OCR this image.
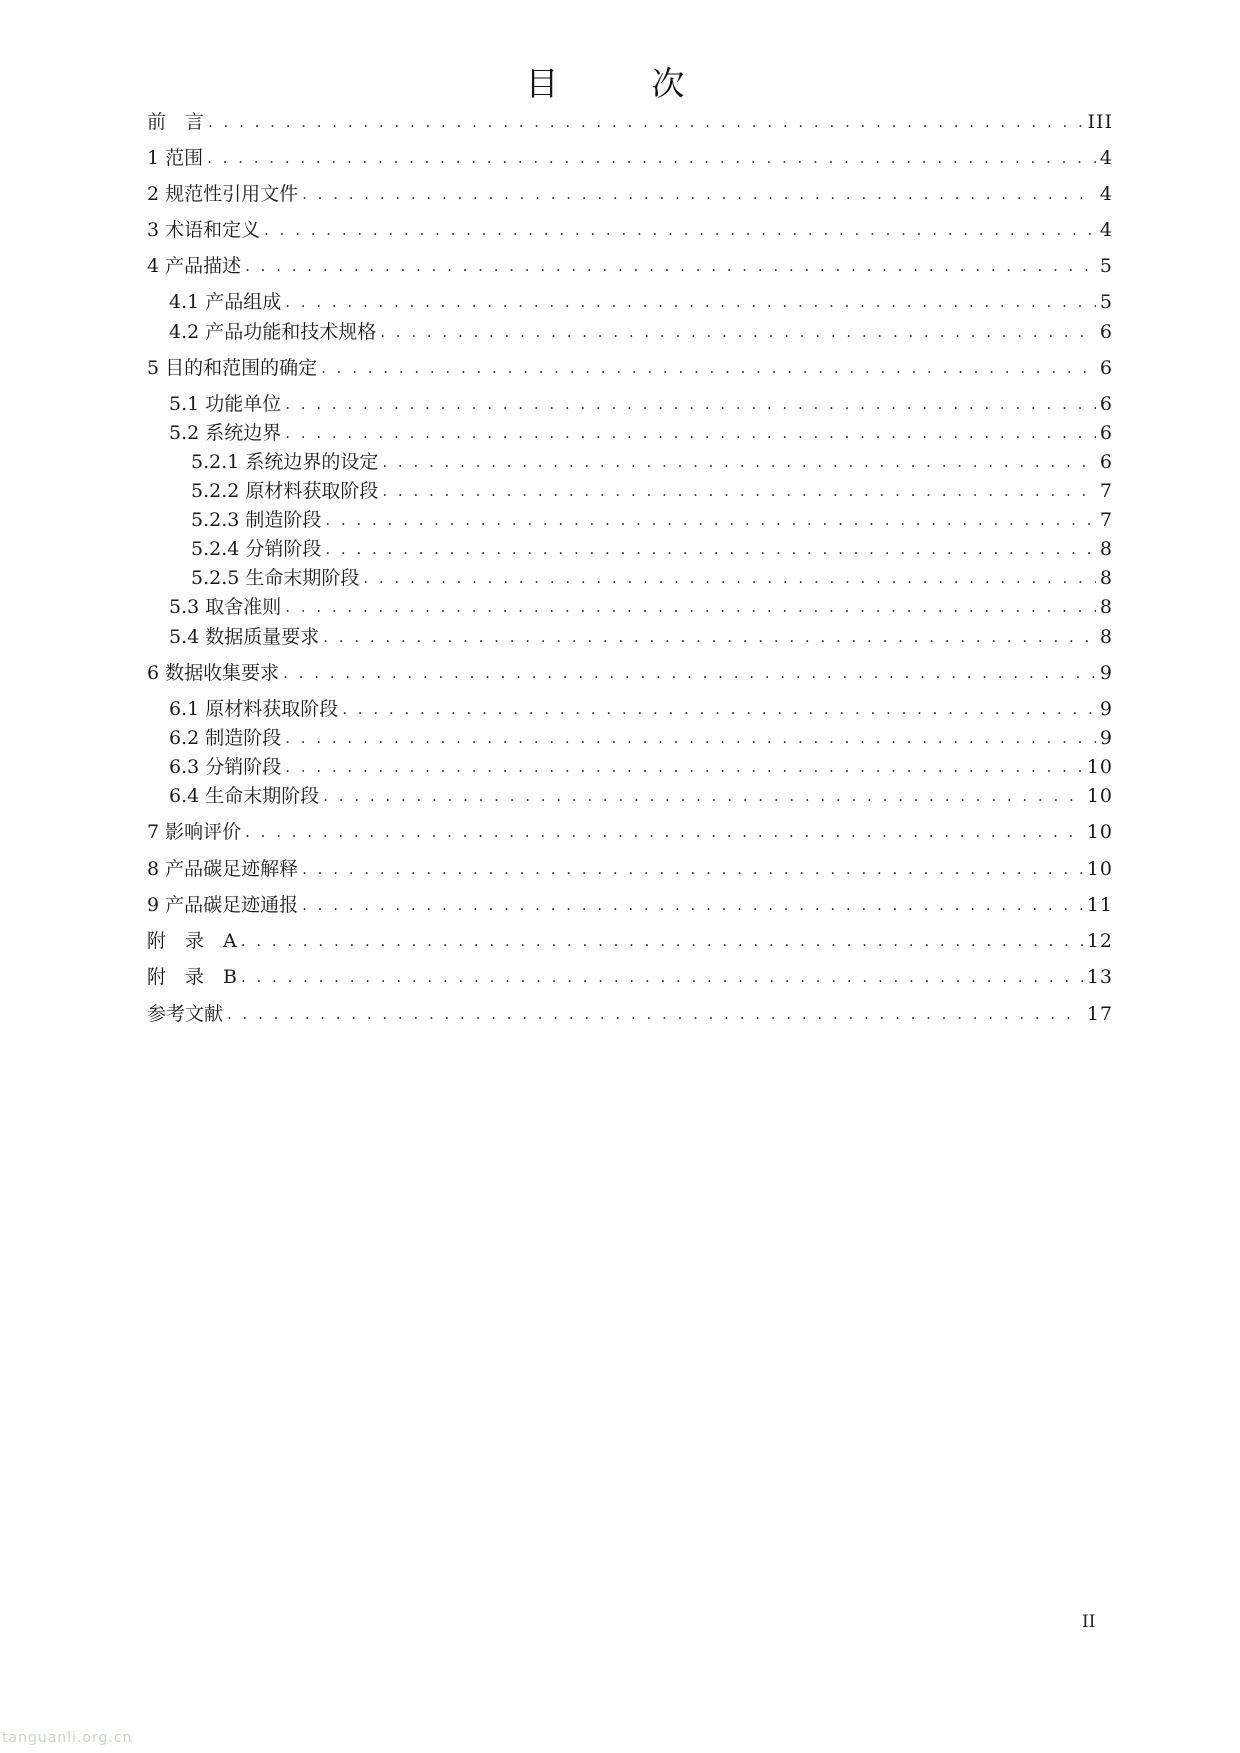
目　次
前　言 . . .	III
1 范围 . . .	4
2 规范性引用文件 . . .	4
3 术语和定义 . . .	4
4 产品描述 . . .	5
4.1 产品组成 . . .	5
4.2 产品功能和技术规格 . . .	6
5 目的和范围的确定 . . .	6
5.1 功能单位 . . .	6
5.2 系统边界 . . .	6
5.2.1 系统边界的设定 . . .	6
5.2.2 原材料获取阶段 . . .	7
5.2.3 制造阶段 . . .	7
5.2.4 分销阶段 . . .	8
5.2.5 生命末期阶段 . . .	8
5.3 取舍准则 . . .	8
5.4 数据质量要求 . . .	8
6 数据收集要求 . . .	9
6.1 原材料获取阶段 . . .	9
6.2 制造阶段 . . .	9
6.3 分销阶段 . . .	10
6.4 生命末期阶段 . . .	10
7 影响评价 . . .	10
8 产品碳足迹解释 . . .	10
9 产品碳足迹通报 . . .	11
附　录　A . . .	12
附　录　B . . .	13
参考文献 . . .	17
II
tanguanli.org.cn
